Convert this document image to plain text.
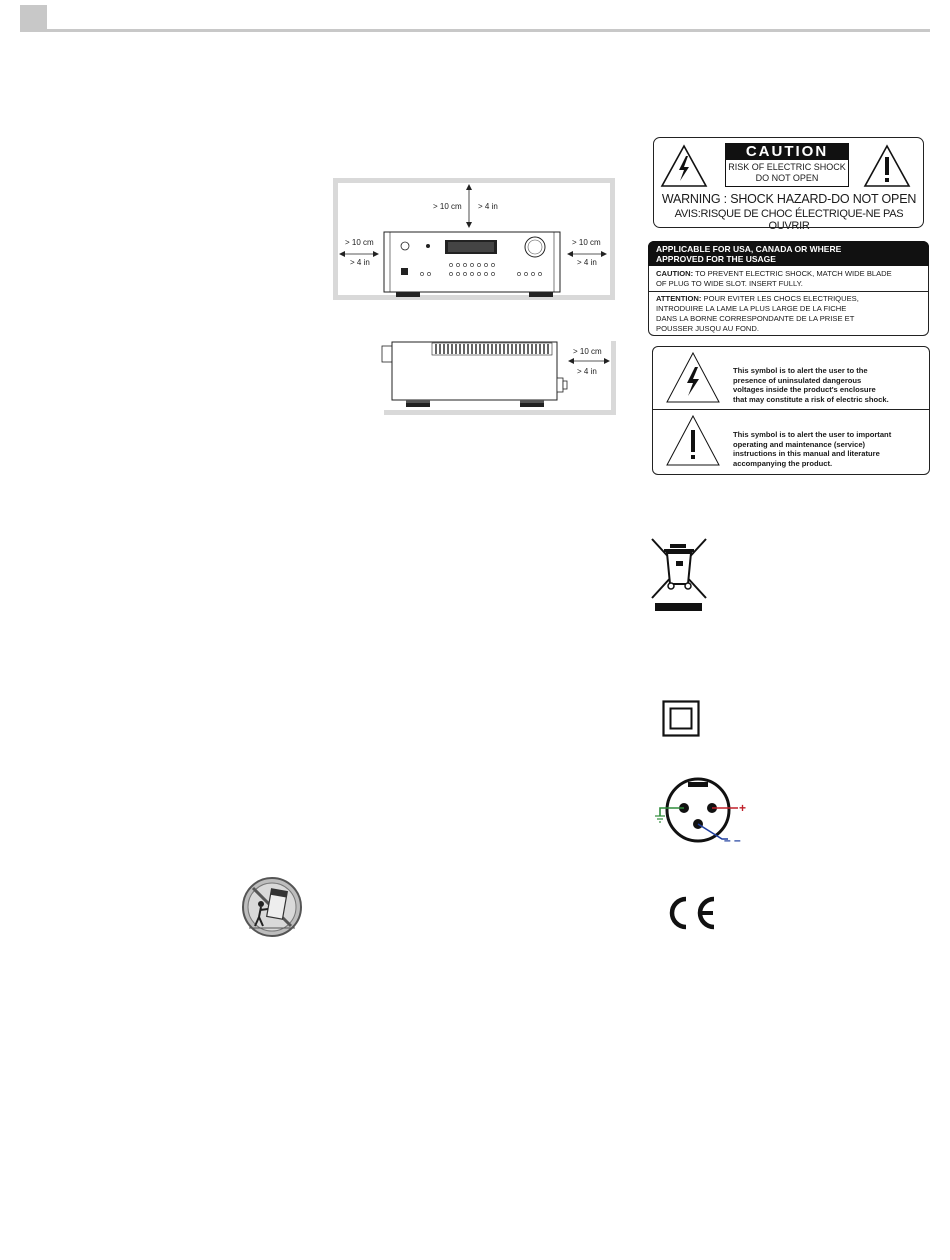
> 10 cm > 4 in
> 10 cm
> 4 in
> 10 cm
> 4 in
> 10 cm
> 4 in
CAUTION
RISK OF ELECTRIC SHOCK
DO NOT OPEN
WARNING : SHOCK HAZARD-DO NOT OPEN
AVIS:RISQUE DE CHOC ÉLECTRIQUE-NE PAS OUVRIR
APPLICABLE FOR USA, CANADA OR WHERE
APPROVED FOR THE USAGE
CAUTION: TO PREVENT ELECTRIC SHOCK, MATCH WIDE BLADE
OF PLUG TO WIDE SLOT. INSERT FULLY.
ATTENTION: POUR EVITER LES CHOCS ELECTRIQUES,
INTRODUIRE LA LAME LA PLUS LARGE DE LA FICHE
DANS LA BORNE CORRESPONDANTE DE LA PRISE ET
POUSSER JUSQU AU FOND.
This symbol is to alert the user to the
presence of uninsulated dangerous
voltages inside the product's enclosure
that may constitute a risk of electric shock.
This symbol is to alert the user to important
operating and maintenance (service)
instructions in this manual and literature
accompanying the product.
+
– –
